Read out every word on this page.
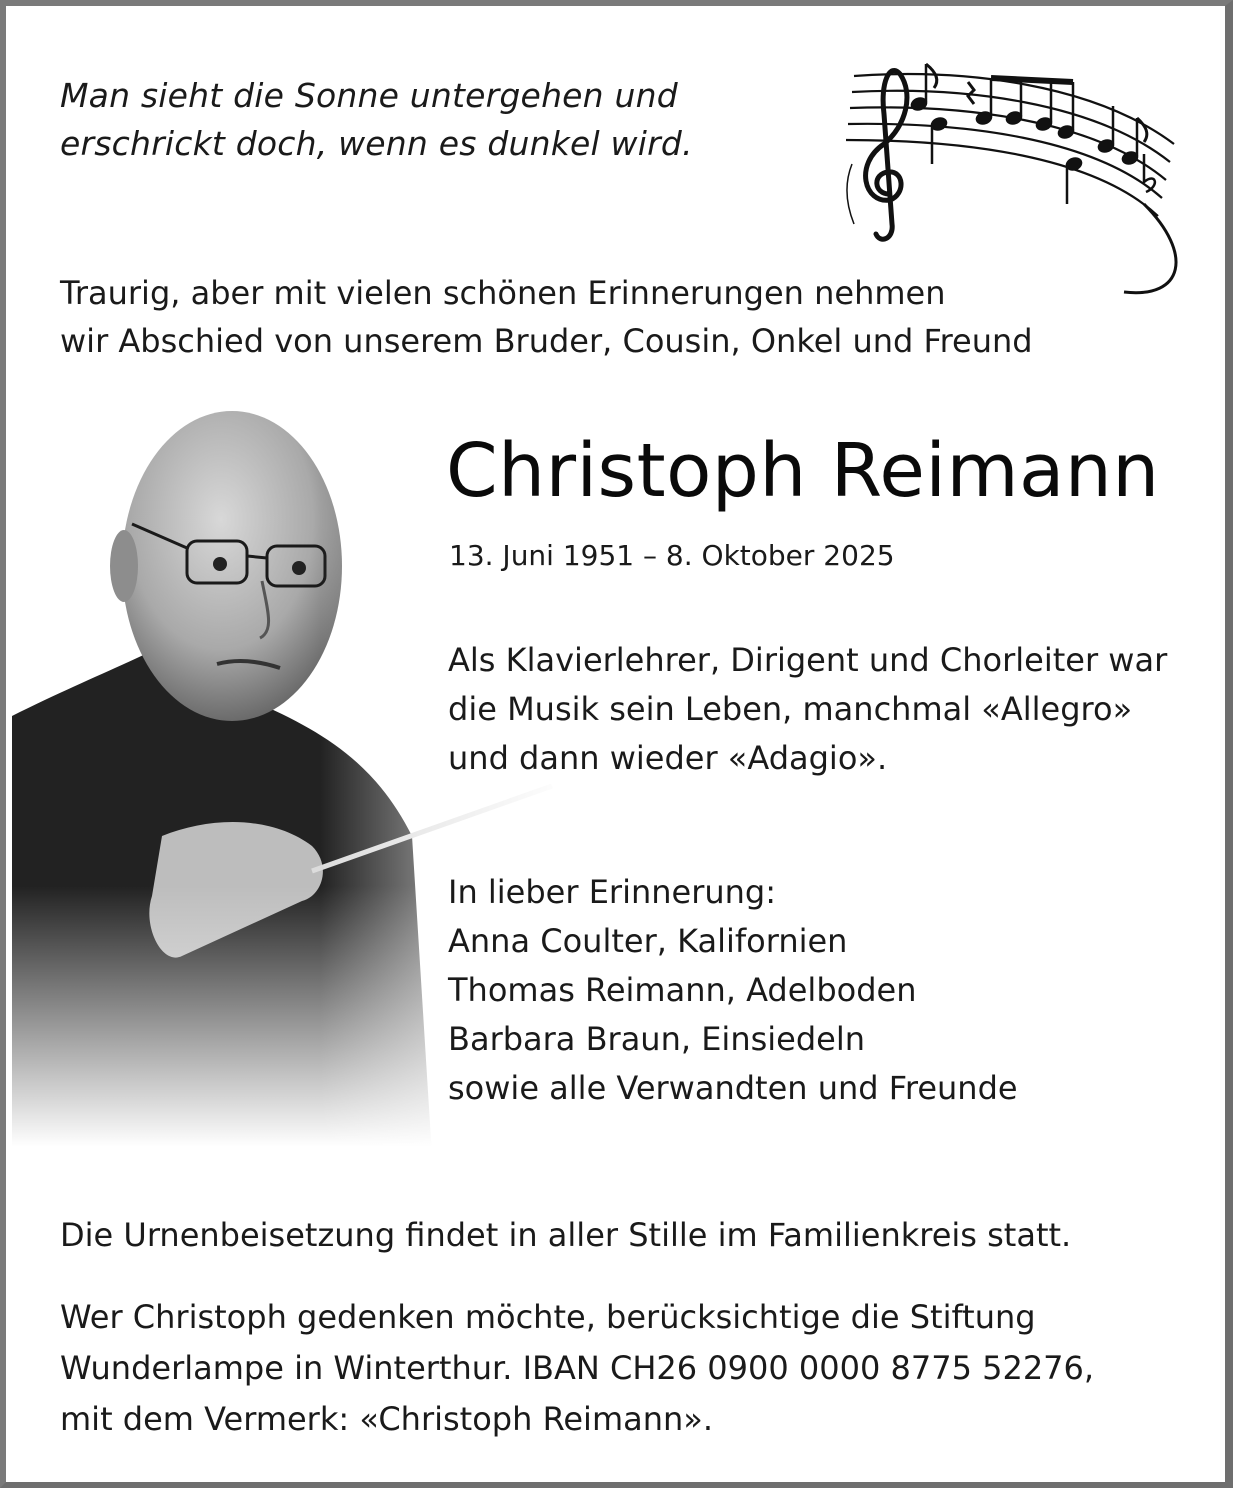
Man sieht die Sonne untergehen und
erschrickt doch, wenn es dunkel wird.
Traurig, aber mit vielen schönen Erinnerungen nehmen
wir Abschied von unserem Bruder, Cousin, Onkel und Freund
Christoph Reimann
13. Juni 1951 – 8. Oktober 2025
Als Klavierlehrer, Dirigent und Chorleiter war
die Musik sein Leben, manchmal «Allegro»
und dann wieder «Adagio».
In lieber Erinnerung:
Anna Coulter, Kalifornien
Thomas Reimann, Adelboden
Barbara Braun, Einsiedeln
sowie alle Verwandten und Freunde
Die Urnenbeisetzung findet in aller Stille im Familienkreis statt.
Wer Christoph gedenken möchte, berücksichtige die Stiftung
Wunderlampe in Winterthur. IBAN CH26 0900 0000 8775 52276,
mit dem Vermerk: «Christoph Reimann».
